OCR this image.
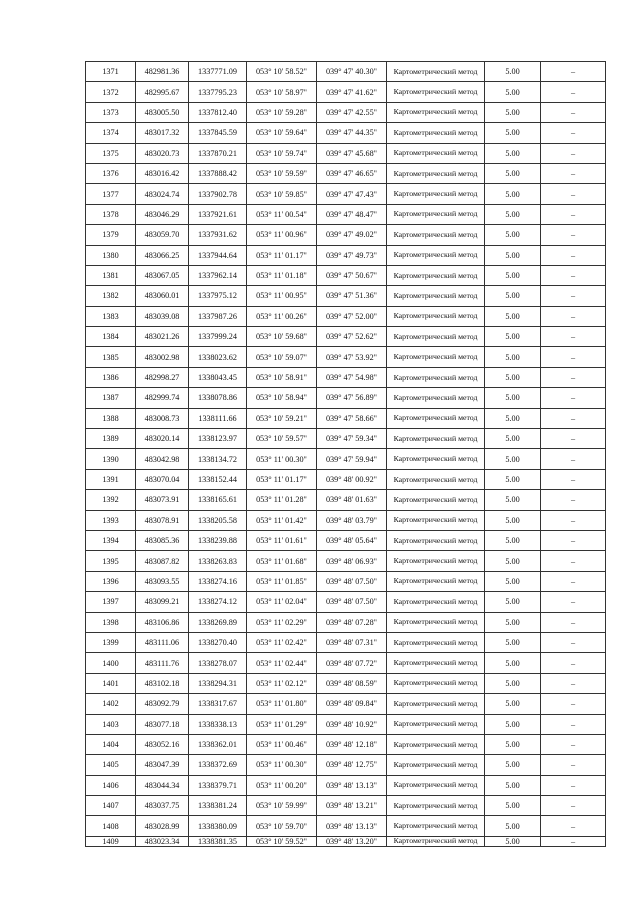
1371	482981.36	1337771.09	053° 10' 58.52"	039° 47' 40.30"	Картометрический метод	5.00	–
1372	482995.67	1337795.23	053° 10' 58.97"	039° 47' 41.62"	Картометрический метод	5.00	–
1373	483005.50	1337812.40	053° 10' 59.28"	039° 47' 42.55"	Картометрический метод	5.00	–
1374	483017.32	1337845.59	053° 10' 59.64"	039° 47' 44.35"	Картометрический метод	5.00	–
1375	483020.73	1337870.21	053° 10' 59.74"	039° 47' 45.68"	Картометрический метод	5.00	–
1376	483016.42	1337888.42	053° 10' 59.59"	039° 47' 46.65"	Картометрический метод	5.00	–
1377	483024.74	1337902.78	053° 10' 59.85"	039° 47' 47.43"	Картометрический метод	5.00	–
1378	483046.29	1337921.61	053° 11' 00.54"	039° 47' 48.47"	Картометрический метод	5.00	–
1379	483059.70	1337931.62	053° 11' 00.96"	039° 47' 49.02"	Картометрический метод	5.00	–
1380	483066.25	1337944.64	053° 11' 01.17"	039° 47' 49.73"	Картометрический метод	5.00	–
1381	483067.05	1337962.14	053° 11' 01.18"	039° 47' 50.67"	Картометрический метод	5.00	–
1382	483060.01	1337975.12	053° 11' 00.95"	039° 47' 51.36"	Картометрический метод	5.00	–
1383	483039.08	1337987.26	053° 11' 00.26"	039° 47' 52.00"	Картометрический метод	5.00	–
1384	483021.26	1337999.24	053° 10' 59.68"	039° 47' 52.62"	Картометрический метод	5.00	–
1385	483002.98	1338023.62	053° 10' 59.07"	039° 47' 53.92"	Картометрический метод	5.00	–
1386	482998.27	1338043.45	053° 10' 58.91"	039° 47' 54.98"	Картометрический метод	5.00	–
1387	482999.74	1338078.86	053° 10' 58.94"	039° 47' 56.89"	Картометрический метод	5.00	–
1388	483008.73	1338111.66	053° 10' 59.21"	039° 47' 58.66"	Картометрический метод	5.00	–
1389	483020.14	1338123.97	053° 10' 59.57"	039° 47' 59.34"	Картометрический метод	5.00	–
1390	483042.98	1338134.72	053° 11' 00.30"	039° 47' 59.94"	Картометрический метод	5.00	–
1391	483070.04	1338152.44	053° 11' 01.17"	039° 48' 00.92"	Картометрический метод	5.00	–
1392	483073.91	1338165.61	053° 11' 01.28"	039° 48' 01.63"	Картометрический метод	5.00	–
1393	483078.91	1338205.58	053° 11' 01.42"	039° 48' 03.79"	Картометрический метод	5.00	–
1394	483085.36	1338239.88	053° 11' 01.61"	039° 48' 05.64"	Картометрический метод	5.00	–
1395	483087.82	1338263.83	053° 11' 01.68"	039° 48' 06.93"	Картометрический метод	5.00	–
1396	483093.55	1338274.16	053° 11' 01.85"	039° 48' 07.50"	Картометрический метод	5.00	–
1397	483099.21	1338274.12	053° 11' 02.04"	039° 48' 07.50"	Картометрический метод	5.00	–
1398	483106.86	1338269.89	053° 11' 02.29"	039° 48' 07.28"	Картометрический метод	5.00	–
1399	483111.06	1338270.40	053° 11' 02.42"	039° 48' 07.31"	Картометрический метод	5.00	–
1400	483111.76	1338278.07	053° 11' 02.44"	039° 48' 07.72"	Картометрический метод	5.00	–
1401	483102.18	1338294.31	053° 11' 02.12"	039° 48' 08.59"	Картометрический метод	5.00	–
1402	483092.79	1338317.67	053° 11' 01.80"	039° 48' 09.84"	Картометрический метод	5.00	–
1403	483077.18	1338338.13	053° 11' 01.29"	039° 48' 10.92"	Картометрический метод	5.00	–
1404	483052.16	1338362.01	053° 11' 00.46"	039° 48' 12.18"	Картометрический метод	5.00	–
1405	483047.39	1338372.69	053° 11' 00.30"	039° 48' 12.75"	Картометрический метод	5.00	–
1406	483044.34	1338379.71	053° 11' 00.20"	039° 48' 13.13"	Картометрический метод	5.00	–
1407	483037.75	1338381.24	053° 10' 59.99"	039° 48' 13.21"	Картометрический метод	5.00	–
1408	483028.99	1338380.09	053° 10' 59.70"	039° 48' 13.13"	Картометрический метод	5.00	–
1409	483023.34	1338381.35	053° 10' 59.52"	039° 48' 13.20"	Картометрический метод	5.00	–
